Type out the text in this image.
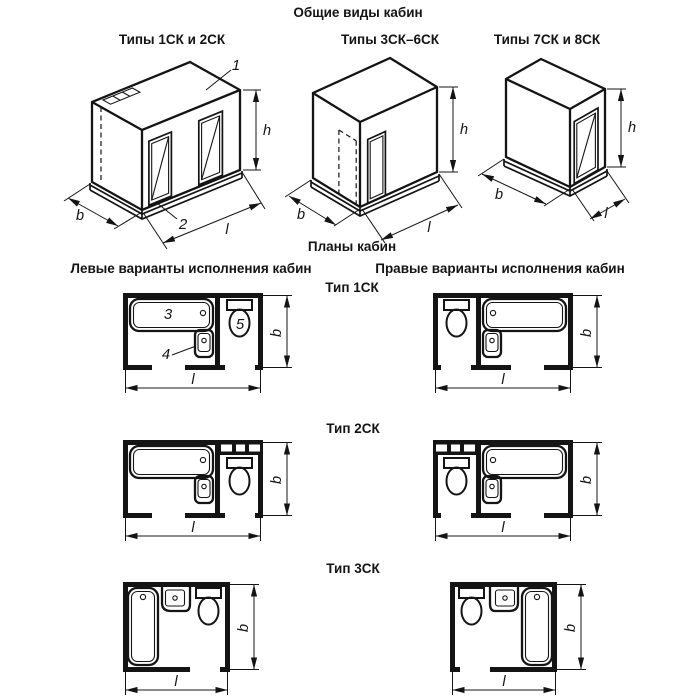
Общие виды кабин
Типы 1СК и 2СК	Типы 3СК–6СК	Типы 7СК и 8СК
Планы кабин
Левые варианты исполнения кабин	Правые варианты исполнения кабин
Тип 1СК
Тип 2СК
Тип 3СК
1
2
h
b
l
h
b
l
h
b
l
3
4
5 b
l
b
l
b
l
b
l
b
l
b
l
